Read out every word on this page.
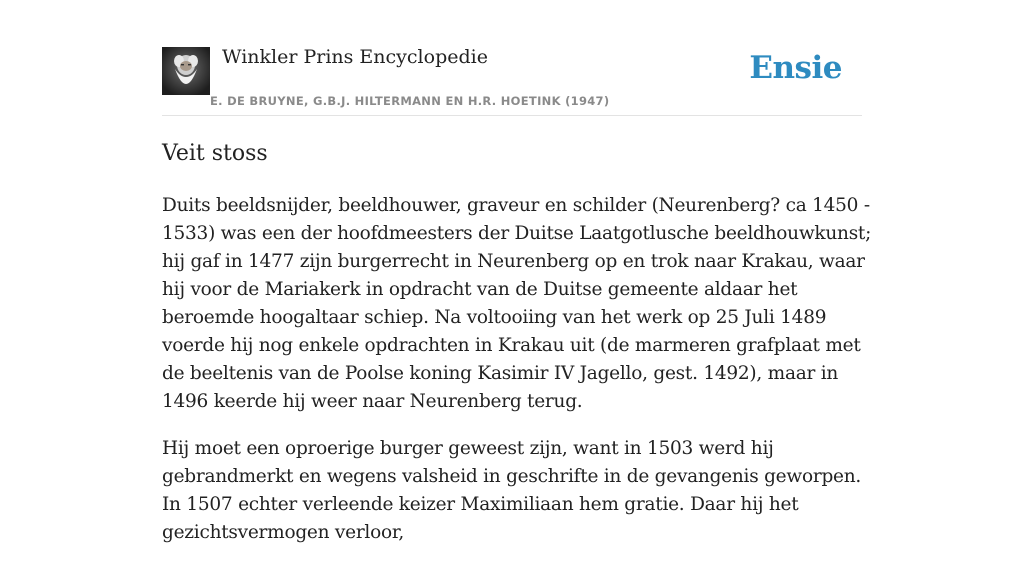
Winkler Prins Encyclopedie
E. DE BRUYNE, G.B.J. HILTERMANN EN H.R. HOETINK (1947)
Ensie
Veit stoss

Duits beeldsnijder, beeldhouwer, graveur en schilder (Neurenberg? ca 1450 - 1533) was een der hoofdmeesters der Duitse Laatgotlusche beeldhouwkunst; hij gaf in 1477 zijn burgerrecht in Neurenberg op en trok naar Krakau, waar hij voor de Mariakerk in opdracht van de Duitse gemeente aldaar het beroemde hoogaltaar schiep. Na voltooiing van het werk op 25 Juli 1489 voerde hij nog enkele opdrachten in Krakau uit (de marmeren grafplaat met de beeltenis van de Poolse koning Kasimir IV Jagello, gest. 1492), maar in 1496 keerde hij weer naar Neurenberg terug.

Hij moet een oproerige burger geweest zijn, want in 1503 werd hij gebrandmerkt en wegens valsheid in geschrifte in de gevangenis geworpen. In 1507 echter verleende keizer Maximiliaan hem gratie. Daar hij het gezichtsvermogen verloor,
